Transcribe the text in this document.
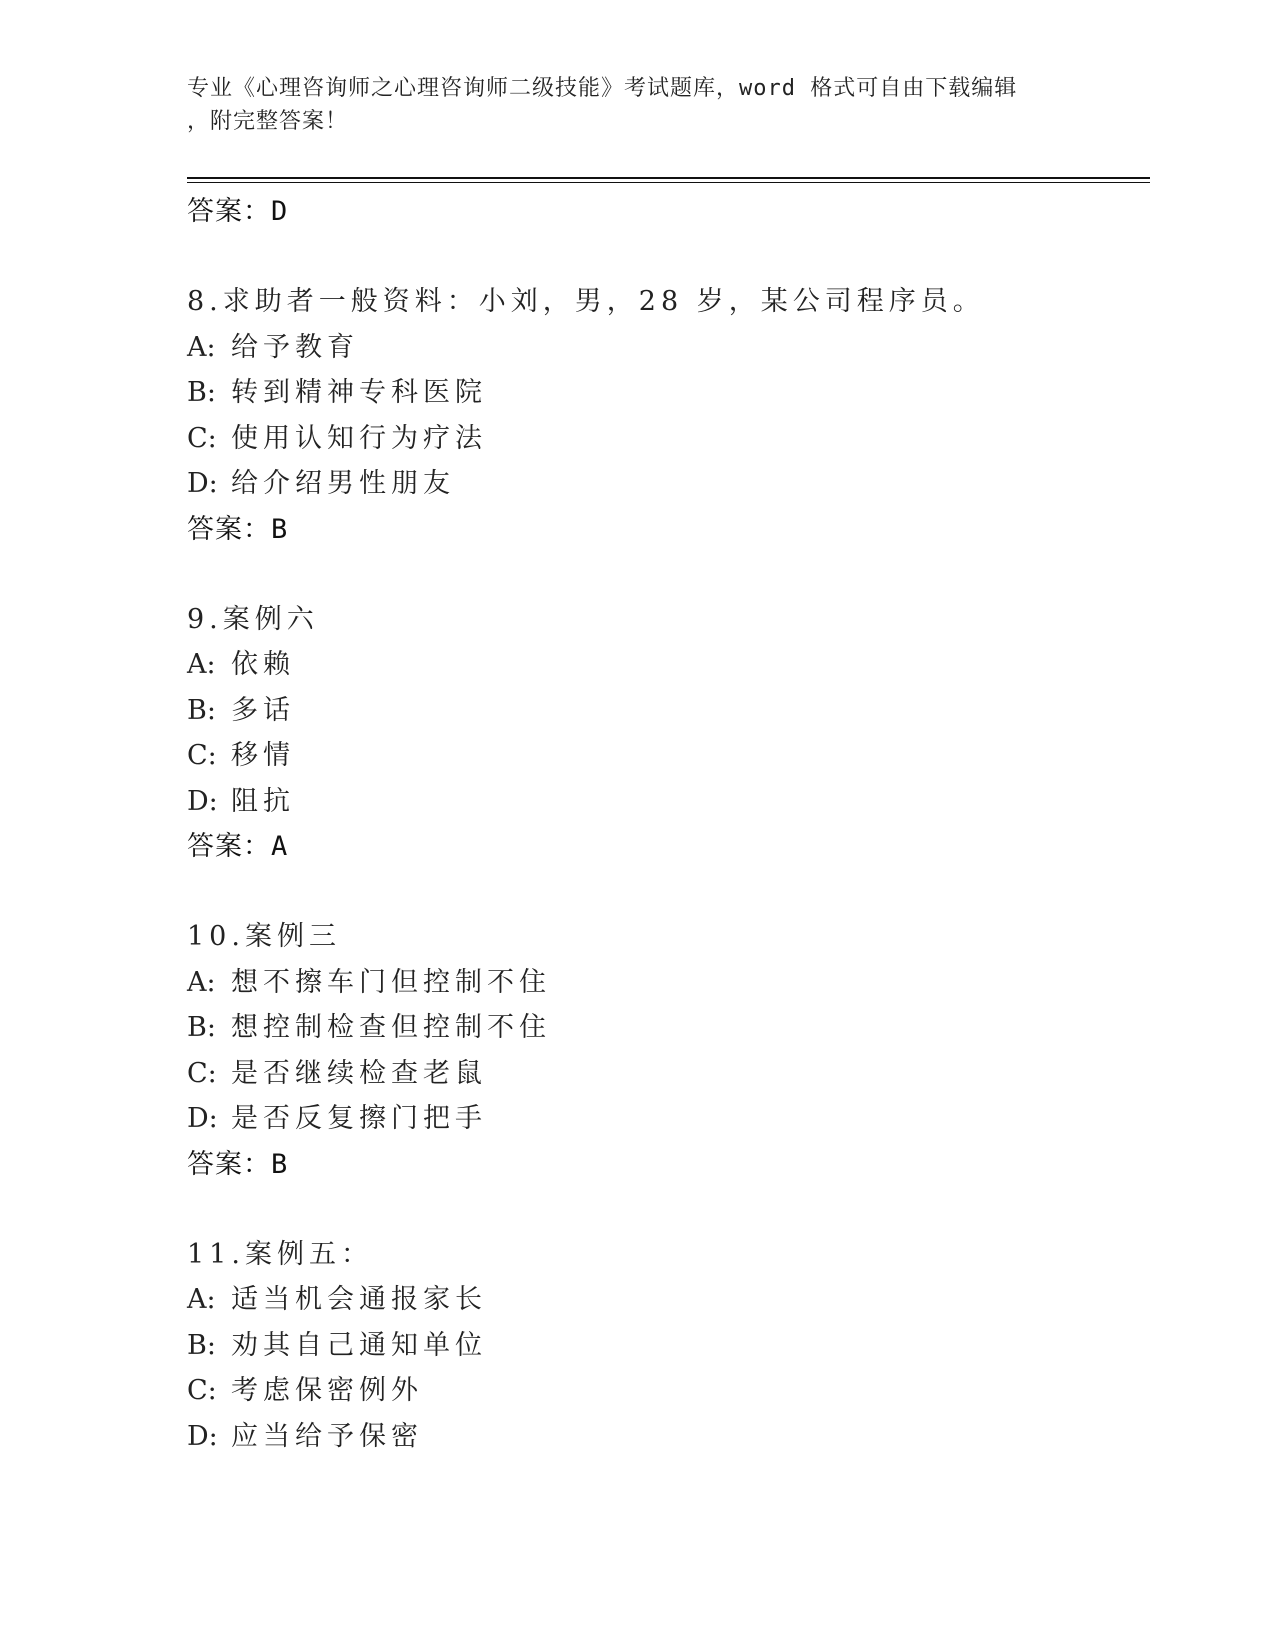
专业《心理咨询师之心理咨询师二级技能》考试题库，word 格式可自由下载编辑
，附完整答案！
答案：D
8.求助者一般资料：小刘，男，28 岁，某公司程序员。
A: 给予教育
B: 转到精神专科医院
C: 使用认知行为疗法
D: 给介绍男性朋友
答案：B
9.案例六
A: 依赖
B: 多话
C: 移情
D: 阻抗
答案：A
10.案例三
A: 想不擦车门但控制不住
B: 想控制检查但控制不住
C: 是否继续检查老鼠
D: 是否反复擦门把手
答案：B
11.案例五：
A: 适当机会通报家长
B: 劝其自己通知单位
C: 考虑保密例外
D: 应当给予保密
